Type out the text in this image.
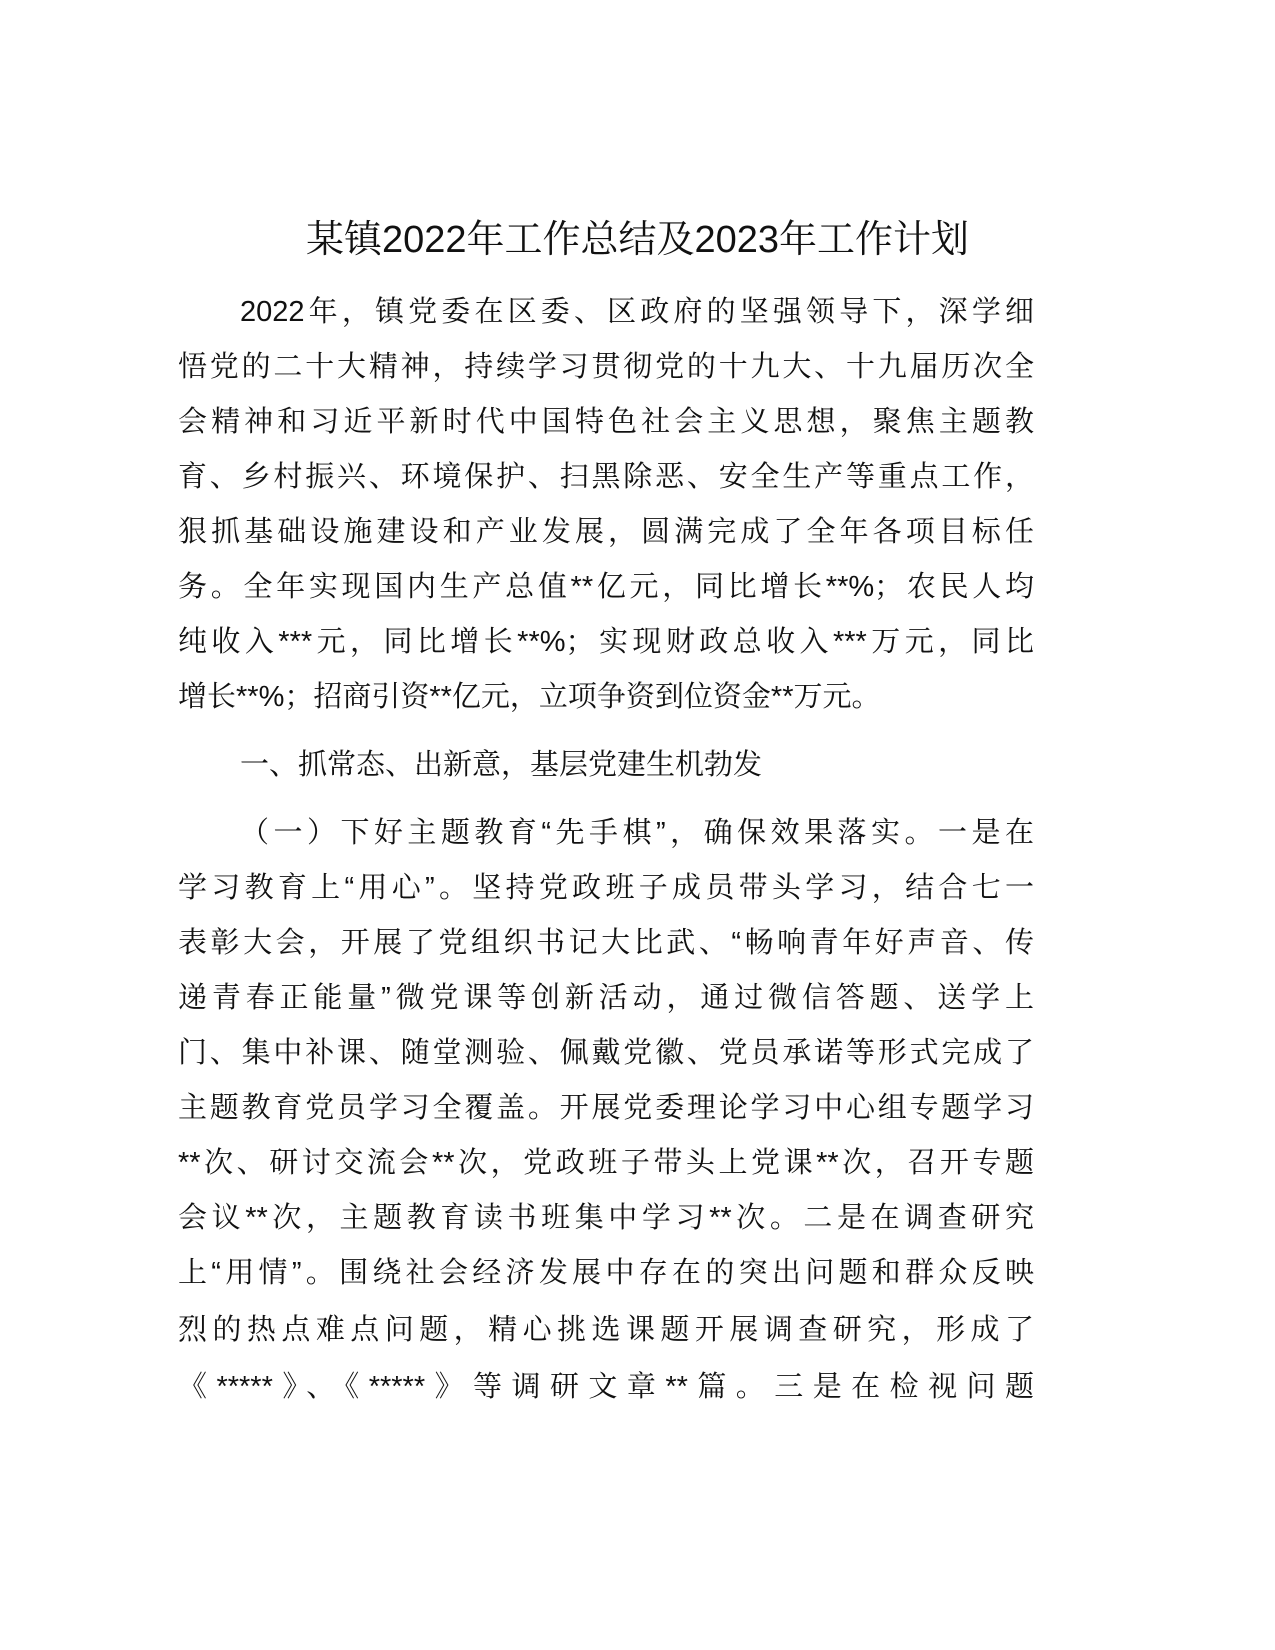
某镇2022年工作总结及2023年工作计划
2022年，镇党委在区委、区政府的坚强领导下，深学细
悟党的二十大精神，持续学习贯彻党的十九大、十九届历次全
会精神和习近平新时代中国特色社会主义思想，聚焦主题教
育、乡村振兴、环境保护、扫黑除恶、安全生产等重点工作，
狠抓基础设施建设和产业发展，圆满完成了全年各项目标任
务。全年实现国内生产总值**亿元，同比增长**%；农民人均
纯收入***元，同比增长**%；实现财政总收入***万元，同比
增长**%；招商引资**亿元，立项争资到位资金**万元。
一、抓常态、出新意，基层党建生机勃发
（一）下好主题教育“先手棋”，确保效果落实。一是在
学习教育上“用心”。坚持党政班子成员带头学习，结合七一
表彰大会，开展了党组织书记大比武、“畅响青年好声音、传
递青春正能量”微党课等创新活动，通过微信答题、送学上
门、集中补课、随堂测验、佩戴党徽、党员承诺等形式完成了
主题教育党员学习全覆盖。开展党委理论学习中心组专题学习
**次、研讨交流会**次，党政班子带头上党课**次，召开专题
会议**次，主题教育读书班集中学习**次。二是在调查研究
上“用情”。围绕社会经济发展中存在的突出问题和群众反映
烈的热点难点问题，精心挑选课题开展调查研究，形成了
《*****》、《*****》等调研文章**篇。三是在检视问题
